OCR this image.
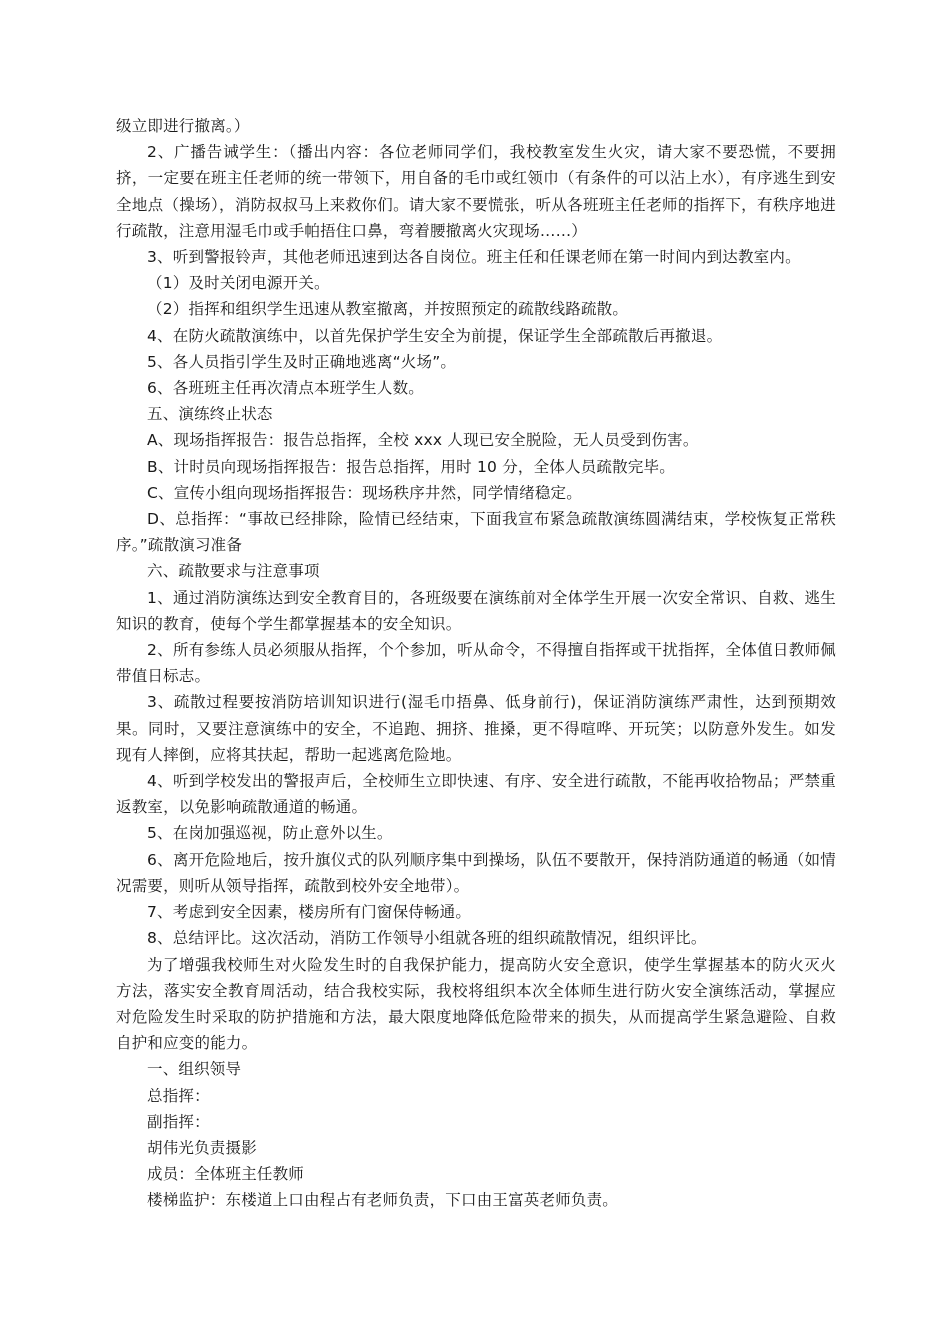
级立即进行撤离。）

2、广播告诫学生：（播出内容：各位老师同学们，我校教室发生火灾，请大家不要恐慌，不要拥挤，一定要在班主任老师的统一带领下，用自备的毛巾或红领巾（有条件的可以沾上水），有序逃生到安全地点（操场），消防叔叔马上来救你们。请大家不要慌张，听从各班班主任老师的指挥下，有秩序地进行疏散，注意用湿毛巾或手帕捂住口鼻，弯着腰撤离火灾现场……）

3、听到警报铃声，其他老师迅速到达各自岗位。班主任和任课老师在第一时间内到达教室内。

（1）及时关闭电源开关。

（2）指挥和组织学生迅速从教室撤离，并按照预定的疏散线路疏散。

4、在防火疏散演练中，以首先保护学生安全为前提，保证学生全部疏散后再撤退。

5、各人员指引学生及时正确地逃离“火场”。

6、各班班主任再次清点本班学生人数。

五、演练终止状态

A、现场指挥报告：报告总指挥，全校 xxx 人现已安全脱险，无人员受到伤害。

B、计时员向现场指挥报告：报告总指挥，用时 10 分，全体人员疏散完毕。

C、宣传小组向现场指挥报告：现场秩序井然，同学情绪稳定。

D、总指挥：“事故已经排除，险情已经结束，下面我宣布紧急疏散演练圆满结束，学校恢复正常秩序。”疏散演习准备

六、疏散要求与注意事项

1、通过消防演练达到安全教育目的，各班级要在演练前对全体学生开展一次安全常识、自救、逃生知识的教育，使每个学生都掌握基本的安全知识。

2、所有参练人员必须服从指挥，个个参加，听从命令，不得擅自指挥或干扰指挥，全体值日教师佩带值日标志。

3、疏散过程要按消防培训知识进行(湿毛巾捂鼻、低身前行)，保证消防演练严肃性，达到预期效果。同时，又要注意演练中的安全，不追跑、拥挤、推搡，更不得喧哗、开玩笑；以防意外发生。如发现有人摔倒，应将其扶起，帮助一起逃离危险地。

4、听到学校发出的警报声后，全校师生立即快速、有序、安全进行疏散，不能再收拾物品；严禁重返教室，以免影响疏散通道的畅通。

5、在岗加强巡视，防止意外以生。

6、离开危险地后，按升旗仪式的队列顺序集中到操场，队伍不要散开，保持消防通道的畅通（如情况需要，则听从领导指挥，疏散到校外安全地带）。

7、考虑到安全因素，楼房所有门窗保侍畅通。

8、总结评比。这次活动，消防工作领导小组就各班的组织疏散情况，组织评比。

为了增强我校师生对火险发生时的自我保护能力，提高防火安全意识，使学生掌握基本的防火灭火方法，落实安全教育周活动，结合我校实际，我校将组织本次全体师生进行防火安全演练活动，掌握应对危险发生时采取的防护措施和方法，最大限度地降低危险带来的损失，从而提高学生紧急避险、自救自护和应变的能力。

一、组织领导

总指挥：

副指挥：

胡伟光负责摄影

成员：全体班主任教师

楼梯监护：东楼道上口由程占有老师负责，下口由王富英老师负责。
